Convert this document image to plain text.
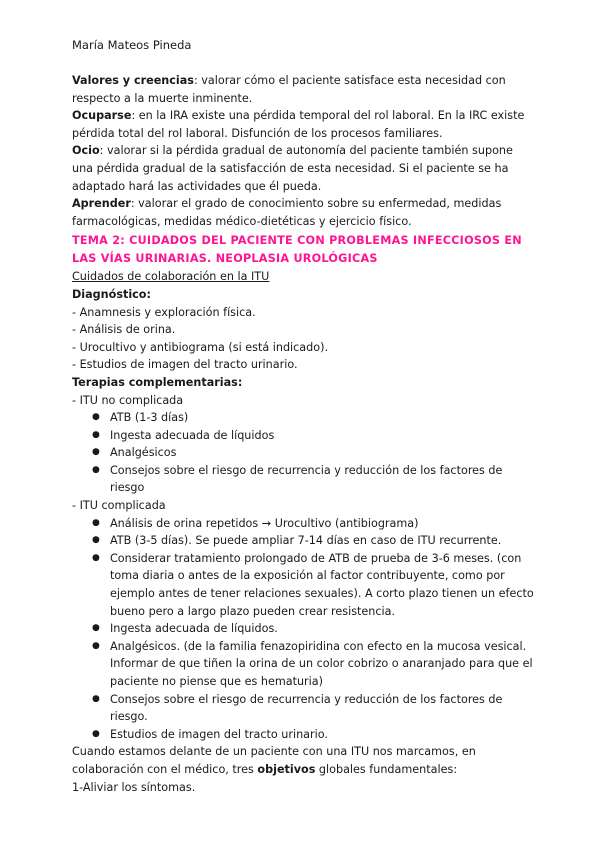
María Mateos Pineda

Valores y creencias: valorar cómo el paciente satisface esta necesidad con respecto a la muerte inminente.

Ocuparse: en la IRA existe una pérdida temporal del rol laboral. En la IRC existe pérdida total del rol laboral. Disfunción de los procesos familiares.

Ocio: valorar si la pérdida gradual de autonomía del paciente también supone una pérdida gradual de la satisfacción de esta necesidad. Si el paciente se ha adaptado hará las actividades que él pueda.

Aprender: valorar el grado de conocimiento sobre su enfermedad, medidas farmacológicas, medidas médico-dietéticas y ejercicio físico.

TEMA 2: CUIDADOS DEL PACIENTE CON PROBLEMAS INFECCIOSOS EN LAS VÍAS URINARIAS. NEOPLASIA UROLÓGICAS

Cuidados de colaboración en la ITU

Diagnóstico:

- Anamnesis y exploración física.

- Análisis de orina.

- Urocultivo y antibiograma (si está indicado).

- Estudios de imagen del tracto urinario.

Terapias complementarias:

- ITU no complicada

● ATB (1-3 días)
● Ingesta adecuada de líquidos
● Analgésicos
● Consejos sobre el riesgo de recurrencia y reducción de los factores de riesgo

- ITU complicada

● Análisis de orina repetidos → Urocultivo (antibiograma)
● ATB (3-5 días). Se puede ampliar 7-14 días en caso de ITU recurrente.
● Considerar tratamiento prolongado de ATB de prueba de 3-6 meses. (con toma diaria o antes de la exposición al factor contribuyente, como por ejemplo antes de tener relaciones sexuales). A corto plazo tienen un efecto bueno pero a largo plazo pueden crear resistencia.
● Ingesta adecuada de líquidos.
● Analgésicos. (de la familia fenazopiridina con efecto en la mucosa vesical. Informar de que tiñen la orina de un color cobrizo o anaranjado para que el paciente no piense que es hematuria)
● Consejos sobre el riesgo de recurrencia y reducción de los factores de riesgo.
● Estudios de imagen del tracto urinario.

Cuando estamos delante de un paciente con una ITU nos marcamos, en colaboración con el médico, tres objetivos globales fundamentales:

1-Aliviar los síntomas.
